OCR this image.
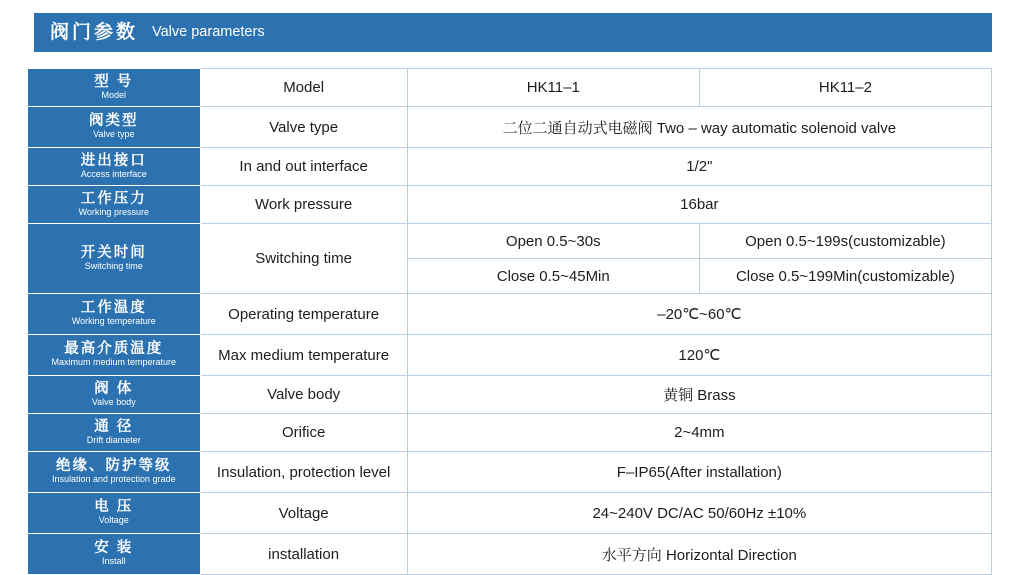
阀门参数 Valve parameters
型 号
Model	Model	HK11–1	HK11–2

阀类型
Valve type	Valve type	二位二通自动式电磁阀 Two – way automatic solenoid valve	

进出接口
Access interface	In and out interface	1/2"	

工作压力
Working pressure	Work pressure	16bar	

开关时间
Switching time	Switching time	Open 0.5~30s	Open 0.5~199s(customizable)
		Close 0.5~45Min	Close 0.5~199Min(customizable)

工作温度
Working temperature	Operating temperature	–20℃~60℃	

最高介质温度
Maximum medium temperature	Max medium temperature	120℃	

阀 体
Valve body	Valve body	黄铜 Brass	

通 径
Drift diameter	Orifice	2~4mm	

绝缘、防护等级
Insulation and protection grade	Insulation, protection level	F–IP65(After installation)	

电 压
Voltage	Voltage	24~240V DC/AC 50/60Hz ±10%	

安 装
Install	installation	水平方向 Horizontal Direction	
